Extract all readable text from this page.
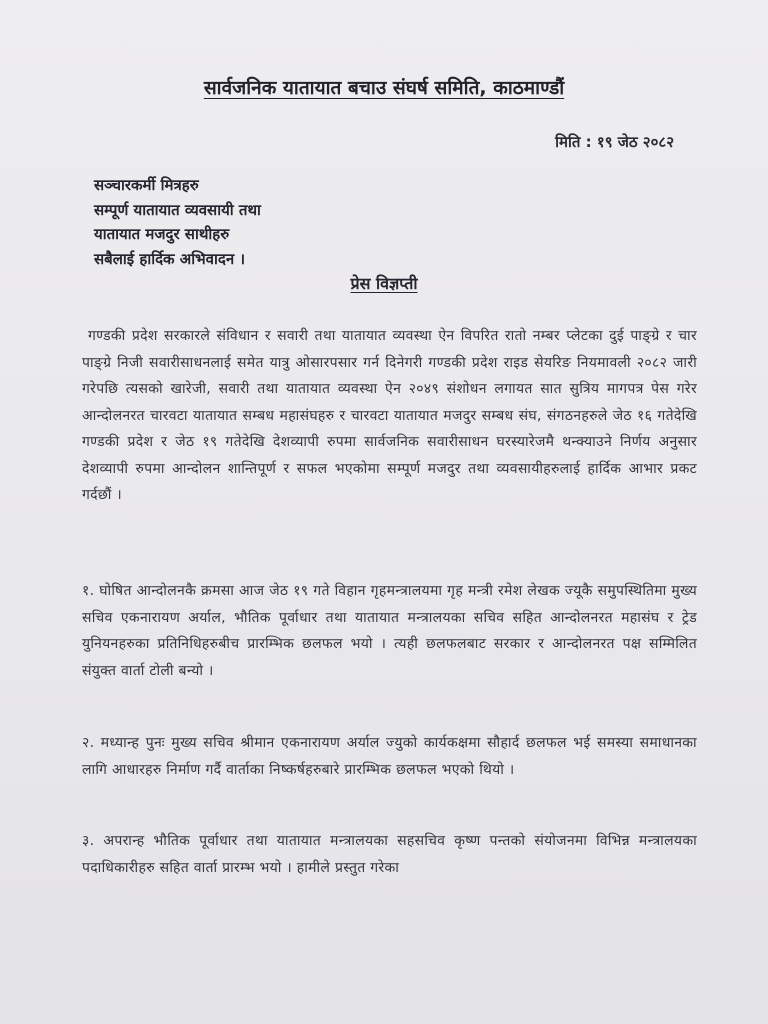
सार्वजनिक यातायात बचाउ संघर्ष समिति, काठमाण्डौं
मिति : १९ जेठ २०८२
सञ्चारकर्मी मित्रहरु
सम्पूर्ण यातायात व्यवसायी तथा
यातायात मजदुर साथीहरु
सबैलाई हार्दिक अभिवादन ।
प्रेस विज्ञप्ती

गण्डकी प्रदेश सरकारले संविधान र सवारी तथा यातायात व्यवस्था ऐन विपरित रातो नम्बर प्लेटका दुई पाङ्ग्रे र चार पाङ्ग्रे निजी सवारीसाधनलाई समेत यात्रु ओसारपसार गर्न दिनेगरी गण्डकी प्रदेश राइड सेयरिङ नियमावली २०८२ जारी गरेपछि त्यसको खारेजी, सवारी तथा यातायात व्यवस्था ऐन २०४९ संशोधन लगायत सात सुत्रिय मागपत्र पेस गरेर आन्दोलनरत चारवटा यातायात सम्बध महासंघहरु र चारवटा यातायात मजदुर सम्बध संघ, संगठनहरुले जेठ १६ गतेदेखि गण्डकी प्रदेश र जेठ १९ गतेदेखि देशव्यापी रुपमा सार्वजनिक सवारीसाधन घरस्यारेजमै थन्क्याउने निर्णय अनुसार देशव्यापी रुपमा आन्दोलन शान्तिपूर्ण र सफल भएकोमा सम्पूर्ण मजदुर तथा व्यवसायीहरुलाई हार्दिक आभार प्रकट गर्दछौं ।

१. घोषित आन्दोलनकै क्रमसा आज जेठ १९ गते विहान गृहमन्त्रालयमा गृह मन्त्री रमेश लेखक ज्यूकै समुपस्थितिमा मुख्य सचिव एकनारायण अर्याल, भौतिक पूर्वाधार तथा यातायात मन्त्रालयका सचिव सहित आन्दोलनरत महासंघ र ट्रेड युनियनहरुका प्रतिनिधिहरुबीच प्रारम्भिक छलफल भयो । त्यही छलफलबाट सरकार र आन्दोलनरत पक्ष सम्मिलित संयुक्त वार्ता टोली बन्यो ।

२. मध्यान्ह पुनः मुख्य सचिव श्रीमान एकनारायण अर्याल ज्युको कार्यकक्षमा सौहार्द छलफल भई समस्या समाधानका लागि आधारहरु निर्माण गर्दै वार्ताका निष्कर्षहरुबारे प्रारम्भिक छलफल भएको थियो ।

३. अपरान्ह भौतिक पूर्वाधार तथा यातायात मन्त्रालयका सहसचिव कृष्ण पन्तको संयोजनमा विभिन्न मन्त्रालयका पदाधिकारीहरु सहित वार्ता प्रारम्भ भयो । हामीले प्रस्तुत गरेका
